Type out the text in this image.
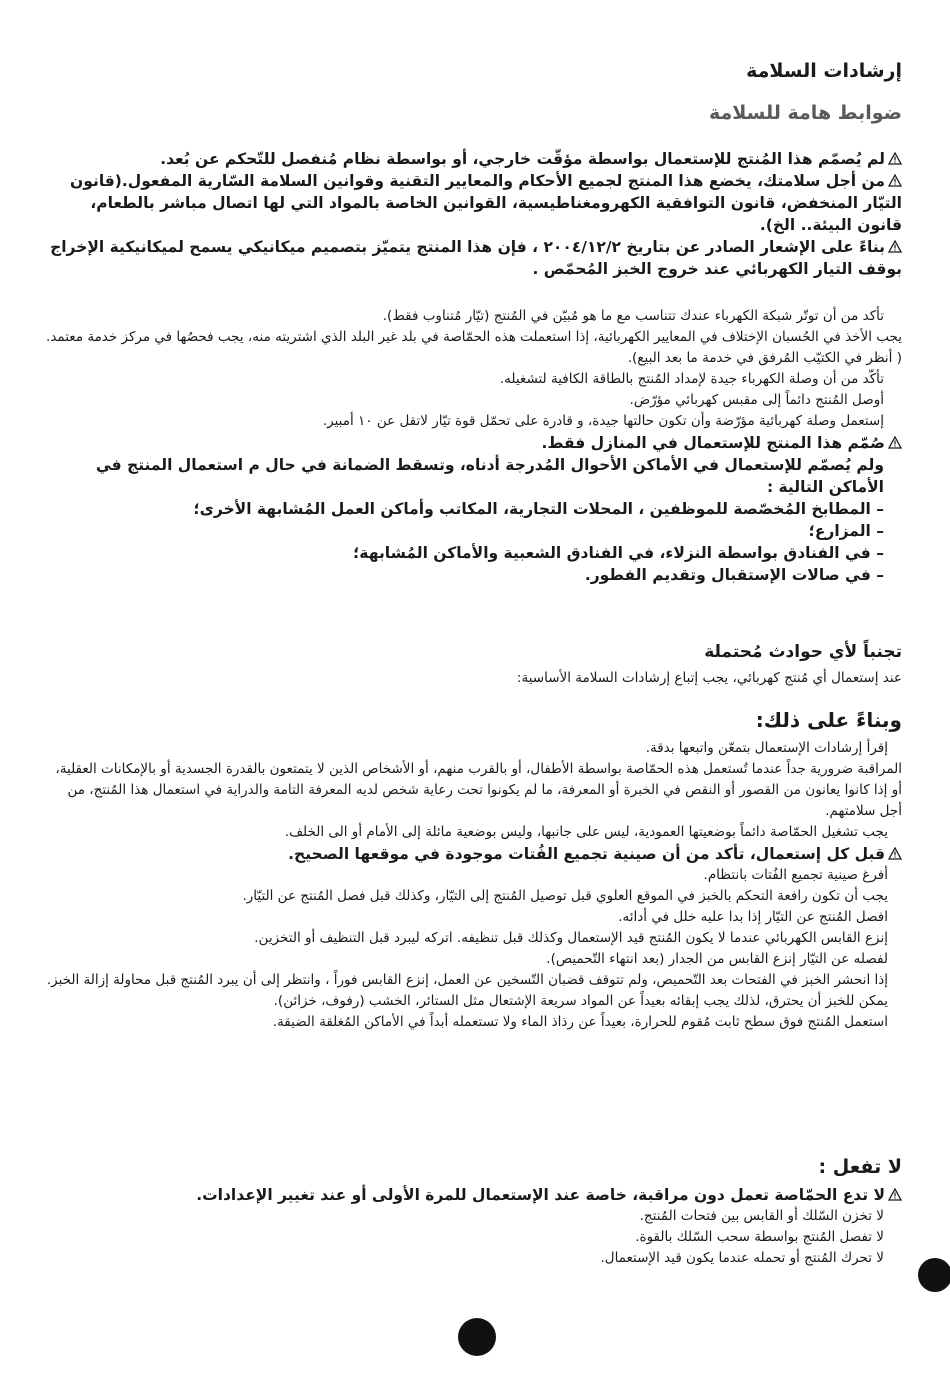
إرشادات السلامة
ضوابط هامة للسلامة

لم يُصمّم هذا المُنتج للإستعمال بواسطة مؤقّت خارجي، أو بواسطة نظام مُنفصل للتّحكم عن بُعد.

من أجل سلامتك، يخضع هذا المنتج لجميع الأحكام والمعايير التقنية وقوانين السلامة السّارية المفعول.(قانون التيّار المنخفض، قانون التوافقية الكهرومغناطيسية، القوانين الخاصة بالمواد التي لها اتصال مباشر بالطعام، قانون البيئة.. الخ).

بناءً على الإشعار الصادر عن بتاريخ ٢٠٠٤/١٢/٢ ، فإن هذا المنتج يتميّز بتصميم ميكانيكي يسمح لميكانيكية الإخراج بوقف التيار الكهربائي عند خروج الخبز المُحمّص .

تأكد من أن توتّر شبكة الكهرباء عندك تتناسب مع ما هو مُبيّن في المُنتج (تيّار مُتناوب فقط).

يجب الأخذ في الحُسبان الإختلاف في المعايير الكهربائية، إذا استعملت هذه الحمّاصة في بلد غير البلد الذي اشتريته منه، يجب فحصُها في مركز خدمة معتمد. ( أنظر في الكتيّب المُرفق في خدمة ما بعد البيع).

تأكّد من أن وصلة الكهرباء جيدة لإمداد المُنتج بالطاقة الكافية لتشغيله.

أوصل المُنتج دائماً إلى مقبس كهربائي مؤرّض.

إستعمل وصلة كهربائية مؤرّضة وأن تكون حالتها جيدة، و قادرة على تحمّل قوة تيّار لاتقل عن ١٠ أمبير.

صُمّم هذا المنتج للإستعمال في المنازل فقط.

ولم يُصمّم للإستعمال في الأماكن الأحوال المُدرجة أدناه، وتسقط الضمانة في حال م استعمال المنتج في الأماكن التالية :

– المطابخ المُخصّصة للموظفين ، المحلات التجارية، المكاتب وأماكن العمل المُشابهة الأخرى؛

– المزارع؛

– في الفنادق بواسطة النزلاء، في الفنادق الشعبية والأماكن المُشابهة؛

– في صالات الإستقبال وتقديم الفطور.

تجنباً لأي حوادث مُحتملة

عند إستعمال أي مُنتج كهربائي، يجب إتباع إرشادات السلامة الأساسية:

وبناءً على ذلك:

إقرأ إرشادات الإستعمال بتمعّن واتبعها بدقة.

المراقبة ضرورية جداً عندما تُستعمل هذه الحمّاصة بواسطة الأطفال، أو بالقرب منهم، أو الأشخاص الذين لا يتمتعون بالقدرة الجسدية أو بالإمكانات العقلية، أو إذا كانوا يعانون من القصور أو النقص في الخبرة أو المعرفة، ما لم يكونوا تحت رعاية شخص لديه المعرفة التامة والدراية في استعمال هذا المُنتج، من أجل سلامتهم.

يجب تشغيل الحمّاصة دائماً بوضعيتها العمودية، ليس على جانبها، وليس بوضعية مائلة إلى الأمام أو الى الخلف.

قبل كل إستعمال، تأكد من أن صينية تجميع الفُتات موجودة في موقعها الصحيح.

أفرغ صينية تجميع الفُتات بانتظام.

يجب أن تكون رافعة التحكم بالخبز في الموقع العلوي قبل توصيل المُنتج إلى التيّار، وكذلك قبل فصل المُنتج عن التيّار.

افصل المُنتج عن التيّار إذا بدا عليه خلل في أدائه.

إنزع القابس الكهربائي عندما لا يكون المُنتج قيد الإستعمال وكذلك قبل تنظيفه. اتركه ليبرد قبل التنظيف أو التخزين.

لفصله عن التيّار إنزع القابس من الجدار (بعد انتهاء التّحميص).

إذا انحشر الخبز في الفتحات بعد التّحميص، ولم تتوقف قضبان التّسخين عن العمل، إنزع القابس فوراً ، وانتظر إلى أن يبرد المُنتج قبل محاولة إزالة الخبز.

يمكن للخبز أن يحترق، لذلك يجب إبقائه بعيداً عن المواد سريعة الإشتعال مثل الستائر، الخشب (رفوف، خزائن).

استعمل المُنتج فوق سطح ثابت مُقوم للحرارة، بعيداً عن رذاذ الماء ولا تستعمله أبداً في الأماكن المُغلقة الضيقة.

لا تفعل :

لا تدع الحمّاصة تعمل دون مراقبة، خاصة عند الإستعمال للمرة الأولى أو عند تغيير الإعدادات.

لا تخزن السّلك أو القابس بين فتحات المُنتج.

لا تفصل المُنتج بواسطة سحب السّلك بالقوة.

لا تحرك المُنتج أو تحمله عندما يكون قيد الإستعمال.
